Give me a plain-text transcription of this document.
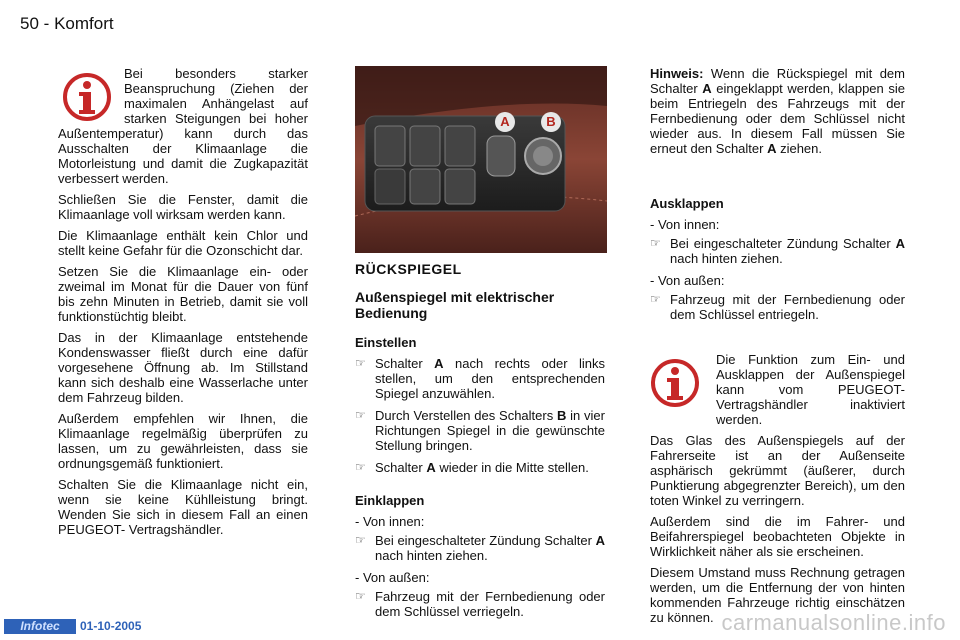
50 - Komfort

Bei besonders starker Beanspruchung (Ziehen der maximalen Anhängelast auf starken Steigungen bei hoher Außentemperatur) kann durch das Ausschalten der Klimaanlage die Motorleistung und damit die Zugkapazität verbessert werden.

Schließen Sie die Fenster, damit die Klimaanlage voll wirksam werden kann.

Die Klimaanlage enthält kein Chlor und stellt keine Gefahr für die Ozonschicht dar.

Setzen Sie die Klimaanlage ein- oder zweimal im Monat für die Dauer von fünf bis zehn Minuten in Betrieb, damit sie voll funktionstüchtig bleibt.

Das in der Klimaanlage entstehende Kondenswasser fließt durch eine dafür vorgesehene Öffnung ab. Im Stillstand kann sich deshalb eine Wasserlache unter dem Fahrzeug bilden.

Außerdem empfehlen wir Ihnen, die Klimaanlage regelmäßig überprüfen zu lassen, um zu gewährleisten, dass sie ordnungsgemäß funktioniert.

Schalten Sie die Klimaanlage nicht ein, wenn sie keine Kühlleistung bringt. Wenden Sie sich in diesem Fall an einen PEUGEOT- Vertragshändler.

A	B
RÜCKSPIEGEL
Außenspiegel mit elektrischer Bedienung
Einstellen
☞ Schalter A nach rechts oder links stellen, um den entsprechenden Spiegel anzuwählen.
☞ Durch Verstellen des Schalters B in vier Richtungen Spiegel in die gewünschte Stellung bringen.
☞ Schalter A wieder in die Mitte stellen.
Einklappen
- Von innen:
☞ Bei eingeschalteter Zündung Schalter A nach hinten ziehen.
- Von außen:
☞ Fahrzeug mit der Fernbedienung oder dem Schlüssel verriegeln.

Hinweis: Wenn die Rückspiegel mit dem Schalter A eingeklappt werden, klappen sie beim Entriegeln des Fahrzeugs mit der Fernbedienung oder dem Schlüssel nicht wieder aus. In diesem Fall müssen Sie erneut den Schalter A ziehen.

Ausklappen
- Von innen:
☞ Bei eingeschalteter Zündung Schalter A nach hinten ziehen.
- Von außen:
☞ Fahrzeug mit der Fernbedienung oder dem Schlüssel entriegeln.

Die Funktion zum Ein- und Ausklappen der Außenspiegel kann vom PEUGEOT-Vertragshändler inaktiviert werden.

Das Glas des Außenspiegels auf der Fahrerseite ist an der Außenseite asphärisch gekrümmt (äußerer, durch Punktierung abgegrenzter Bereich), um den toten Winkel zu verringern.

Außerdem sind die im Fahrer- und Beifahrerspiegel beobachteten Objekte in Wirklichkeit näher als sie erscheinen.

Diesem Umstand muss Rechnung getragen werden, um die Entfernung der von hinten kommenden Fahrzeuge richtig einschätzen zu können.

Infotec	01-10-2005	carmanualsonline.info
